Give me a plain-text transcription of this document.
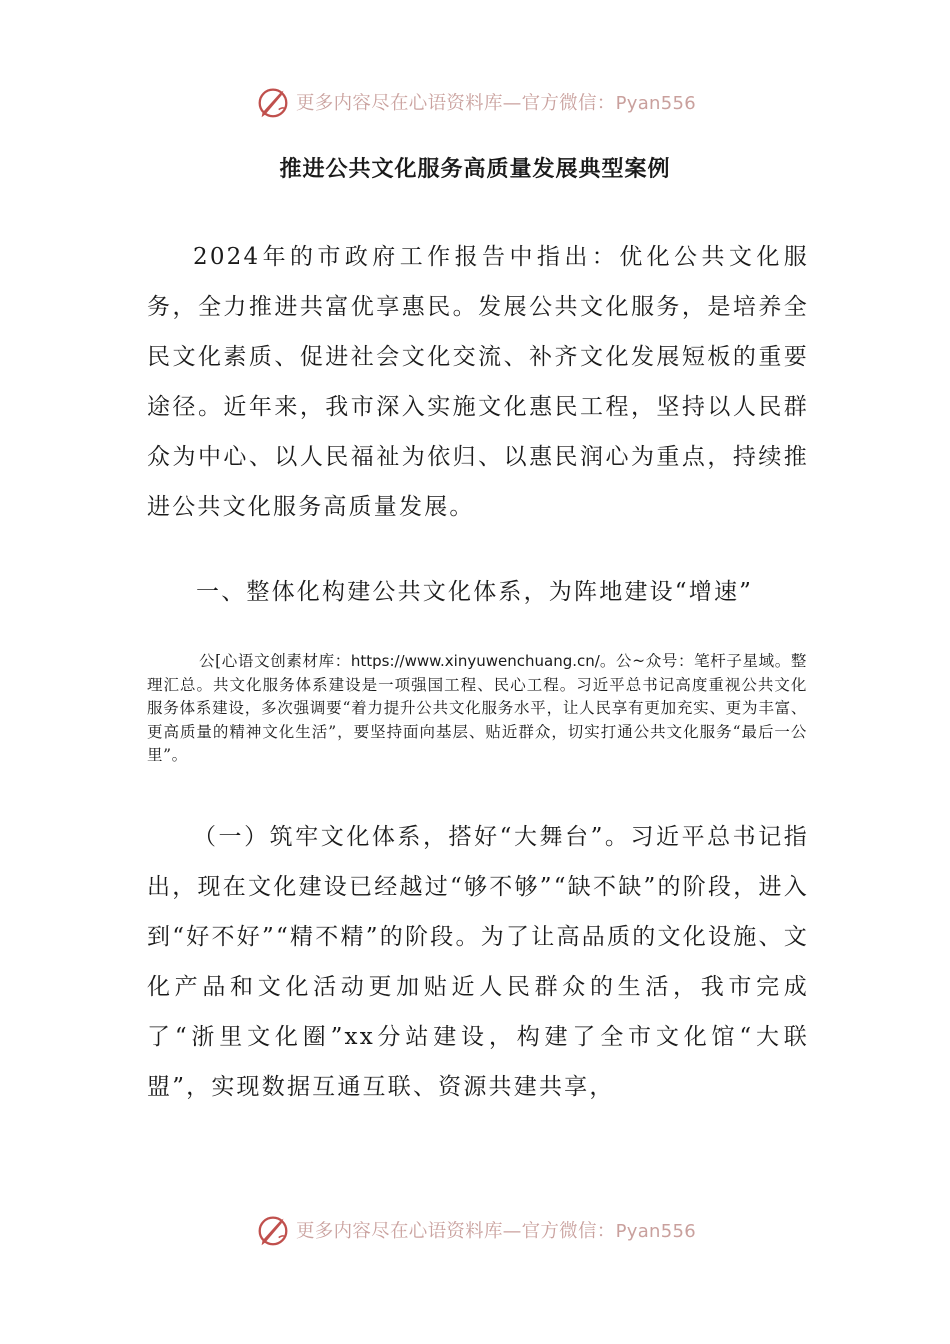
更多内容尽在心语资料库—官方微信：Pyan556
推进公共文化服务高质量发展典型案例

2024年的市政府工作报告中指出：优化公共文化服务，全力推进共富优享惠民。发展公共文化服务，是培养全民文化素质、促进社会文化交流、补齐文化发展短板的重要途径。近年来，我市深入实施文化惠民工程，坚持以人民群众为中心、以人民福祉为依归、以惠民润心为重点，持续推进公共文化服务高质量发展。

一、整体化构建公共文化体系，为阵地建设“增速”

公[心语文创素材库：https://www.xinyuwenchuang.cn/。公~众号：笔杆子星域。整理汇总。共文化服务体系建设是一项强国工程、民心工程。习近平总书记高度重视公共文化服务体系建设，多次强调要“着力提升公共文化服务水平，让人民享有更加充实、更为丰富、更高质量的精神文化生活”，要坚持面向基层、贴近群众，切实打通公共文化服务“最后一公里”。

（一）筑牢文化体系，搭好“大舞台”。习近平总书记指出，现在文化建设已经越过“够不够”“缺不缺”的阶段，进入到“好不好”“精不精”的阶段。为了让高品质的文化设施、文化产品和文化活动更加贴近人民群众的生活，我市完成了“浙里文化圈”xx分站建设，构建了全市文化馆“大联盟”，实现数据互通互联、资源共建共享，

更多内容尽在心语资料库—官方微信：Pyan556
